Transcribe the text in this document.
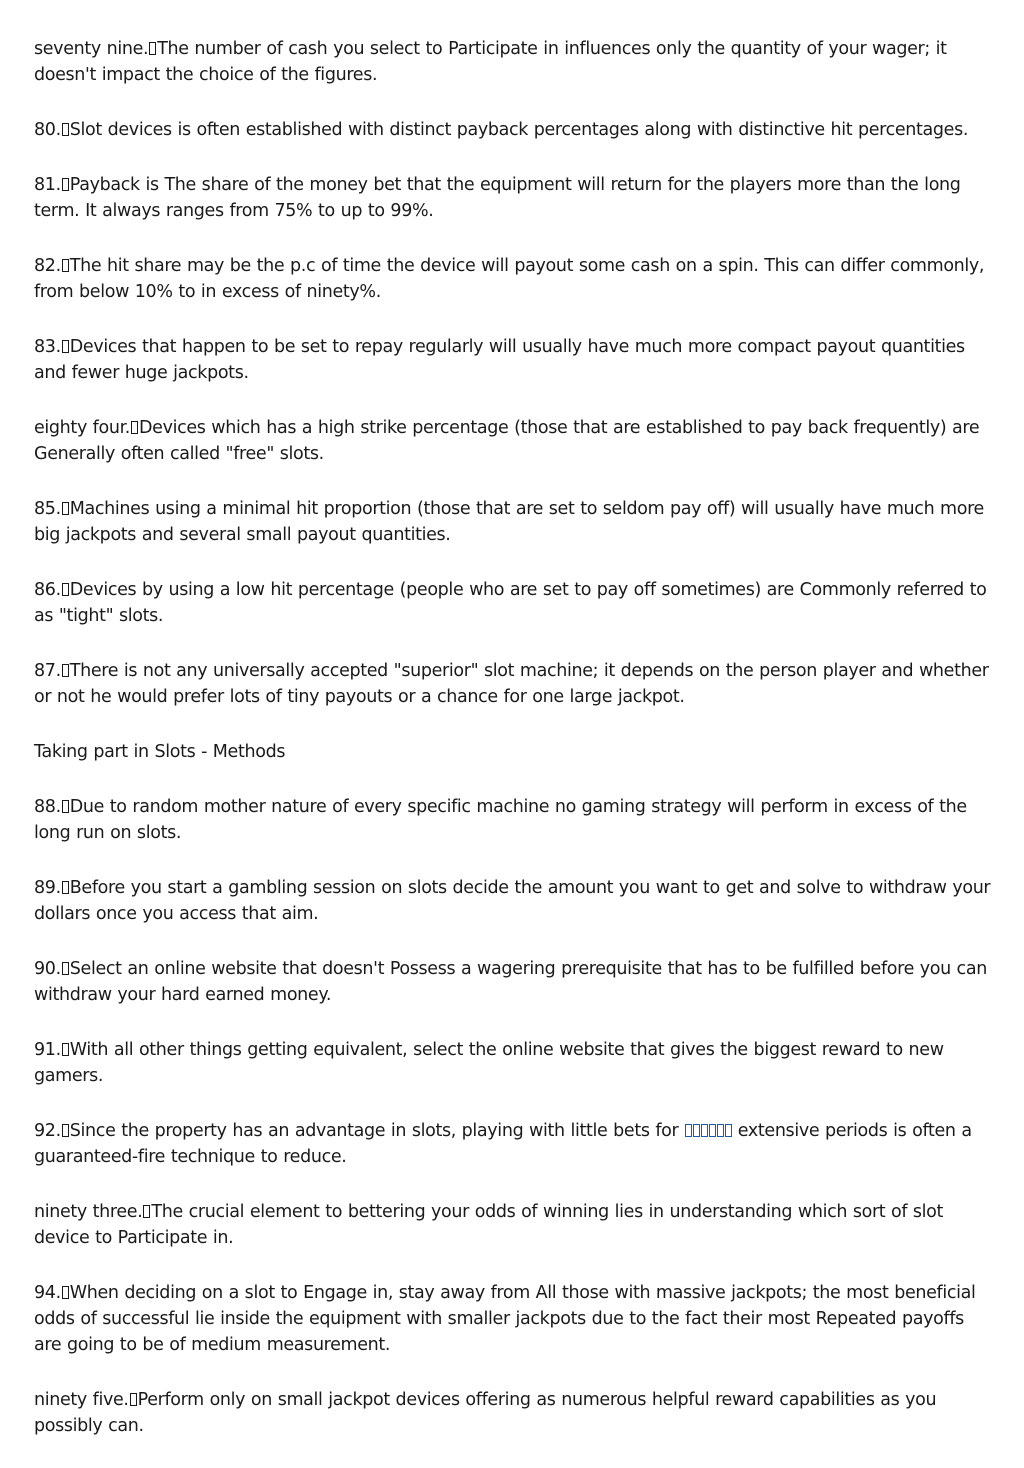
seventy nine. The number of cash you select to Participate in influences only the quantity of your wager; it doesn't impact the choice of the figures.

80. Slot devices is often established with distinct payback percentages along with distinctive hit percentages.

81. Payback is The share of the money bet that the equipment will return for the players more than the long term. It always ranges from 75% to up to 99%.

82. The hit share may be the p.c of time the device will payout some cash on a spin. This can differ commonly, from below 10% to in excess of ninety%.

83. Devices that happen to be set to repay regularly will usually have much more compact payout quantities and fewer huge jackpots.

eighty four. Devices which has a high strike percentage (those that are established to pay back frequently) are Generally often called "free" slots.

85. Machines using a minimal hit proportion (those that are set to seldom pay off) will usually have much more big jackpots and several small payout quantities.

86. Devices by using a low hit percentage (people who are set to pay off sometimes) are Commonly referred to as "tight" slots.

87. There is not any universally accepted "superior" slot machine; it depends on the person player and whether or not he would prefer lots of tiny payouts or a chance for one large jackpot.

Taking part in Slots - Methods

88. Due to random mother nature of every specific machine no gaming strategy will perform in excess of the long run on slots.

89. Before you start a gambling session on slots decide the amount you want to get and solve to withdraw your dollars once you access that aim.

90. Select an online website that doesn't Possess a wagering prerequisite that has to be fulfilled before you can withdraw your hard earned money.

91. With all other things getting equivalent, select the online website that gives the biggest reward to new gamers.

92. Since the property has an advantage in slots, playing with little bets for	extensive periods is often a guaranteed-fire technique to reduce.

ninety three. The crucial element to bettering your odds of winning lies in understanding which sort of slot device to Participate in.

94. When deciding on a slot to Engage in, stay away from All those with massive jackpots; the most beneficial odds of successful lie inside the equipment with smaller jackpots due to the fact their most Repeated payoffs are going to be of medium measurement.

ninety five. Perform only on small jackpot devices offering as numerous helpful reward capabilities as you possibly can.
